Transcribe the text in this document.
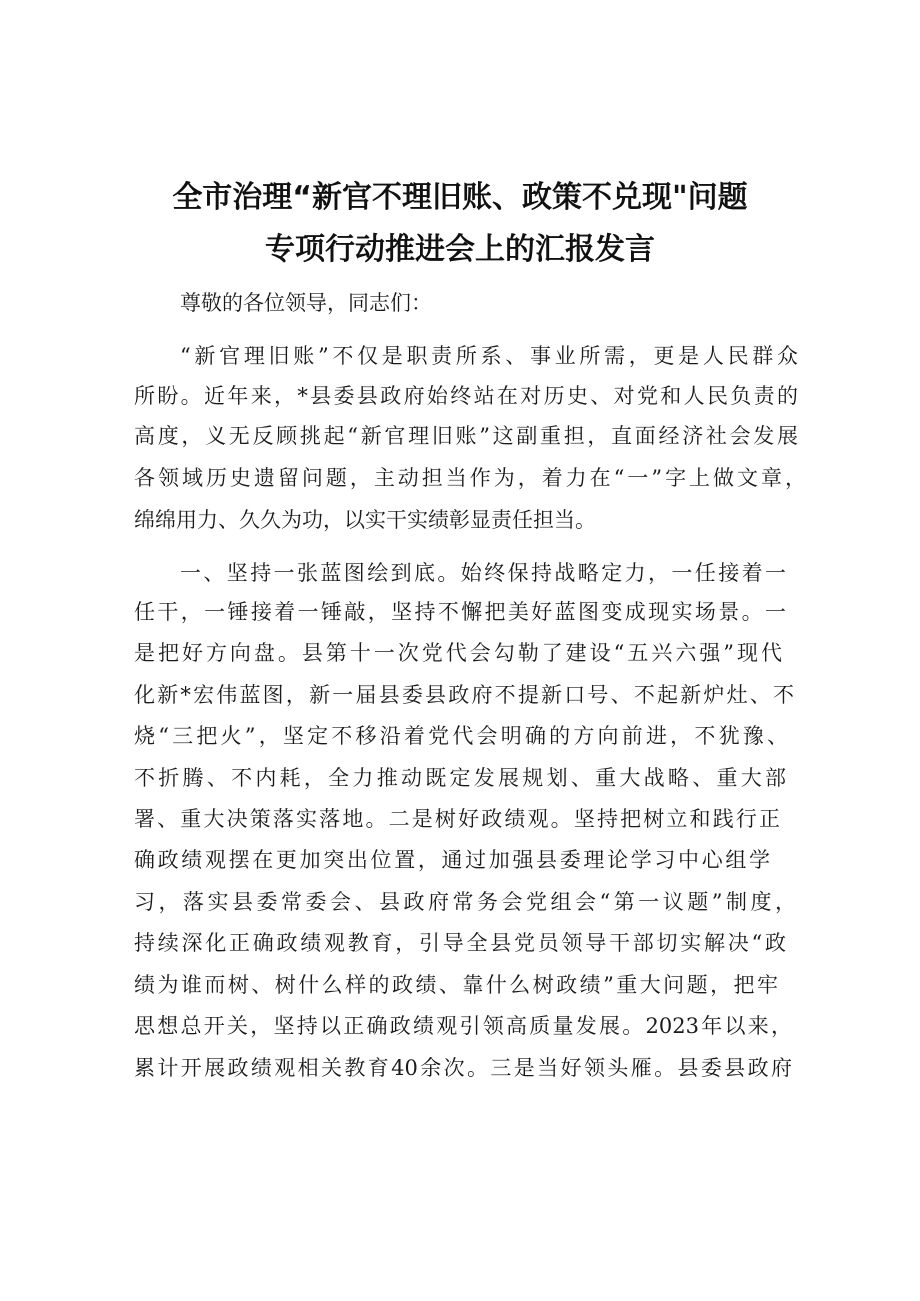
全市治理“新官不理旧账、政策不兑现"问题
专项行动推进会上的汇报发言
尊敬的各位领导，同志们：
“新官理旧账”不仅是职责所系、事业所需，更是人民群众
所盼。近年来，*县委县政府始终站在对历史、对党和人民负责的
高度，义无反顾挑起“新官理旧账”这副重担，直面经济社会发展
各领域历史遗留问题，主动担当作为，着力在“一”字上做文章，
绵绵用力、久久为功，以实干实绩彰显责任担当。
一、坚持一张蓝图绘到底。始终保持战略定力，一任接着一
任干，一锤接着一锤敲，坚持不懈把美好蓝图变成现实场景。一
是把好方向盘。县第十一次党代会勾勒了建设“五兴六强”现代
化新*宏伟蓝图，新一届县委县政府不提新口号、不起新炉灶、不
烧“三把火”，坚定不移沿着党代会明确的方向前进，不犹豫、
不折腾、不内耗，全力推动既定发展规划、重大战略、重大部
署、重大决策落实落地。二是树好政绩观。坚持把树立和践行正
确政绩观摆在更加突出位置，通过加强县委理论学习中心组学
习，落实县委常委会、县政府常务会党组会“第一议题”制度，
持续深化正确政绩观教育，引导全县党员领导干部切实解决“政
绩为谁而树、树什么样的政绩、靠什么树政绩”重大问题，把牢
思想总开关，坚持以正确政绩观引领高质量发展。2023年以来，
累计开展政绩观相关教育40余次。三是当好领头雁。县委县政府
